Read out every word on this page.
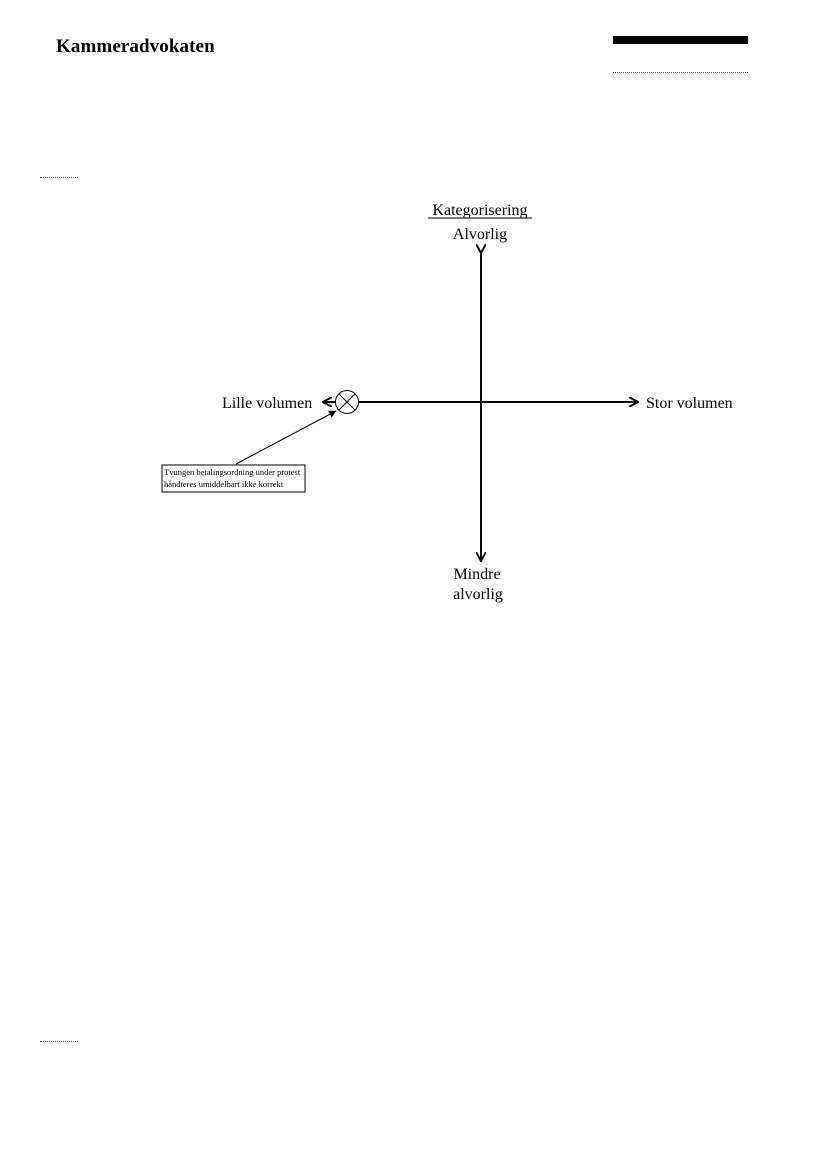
Kammeradvokaten
Kategorisering
Alvorlig
Lille volumen	Stor volumen
Mindre
alvorlig
Tvungen betalingsordning under protest
håndteres umiddelbart ikke korrekt
